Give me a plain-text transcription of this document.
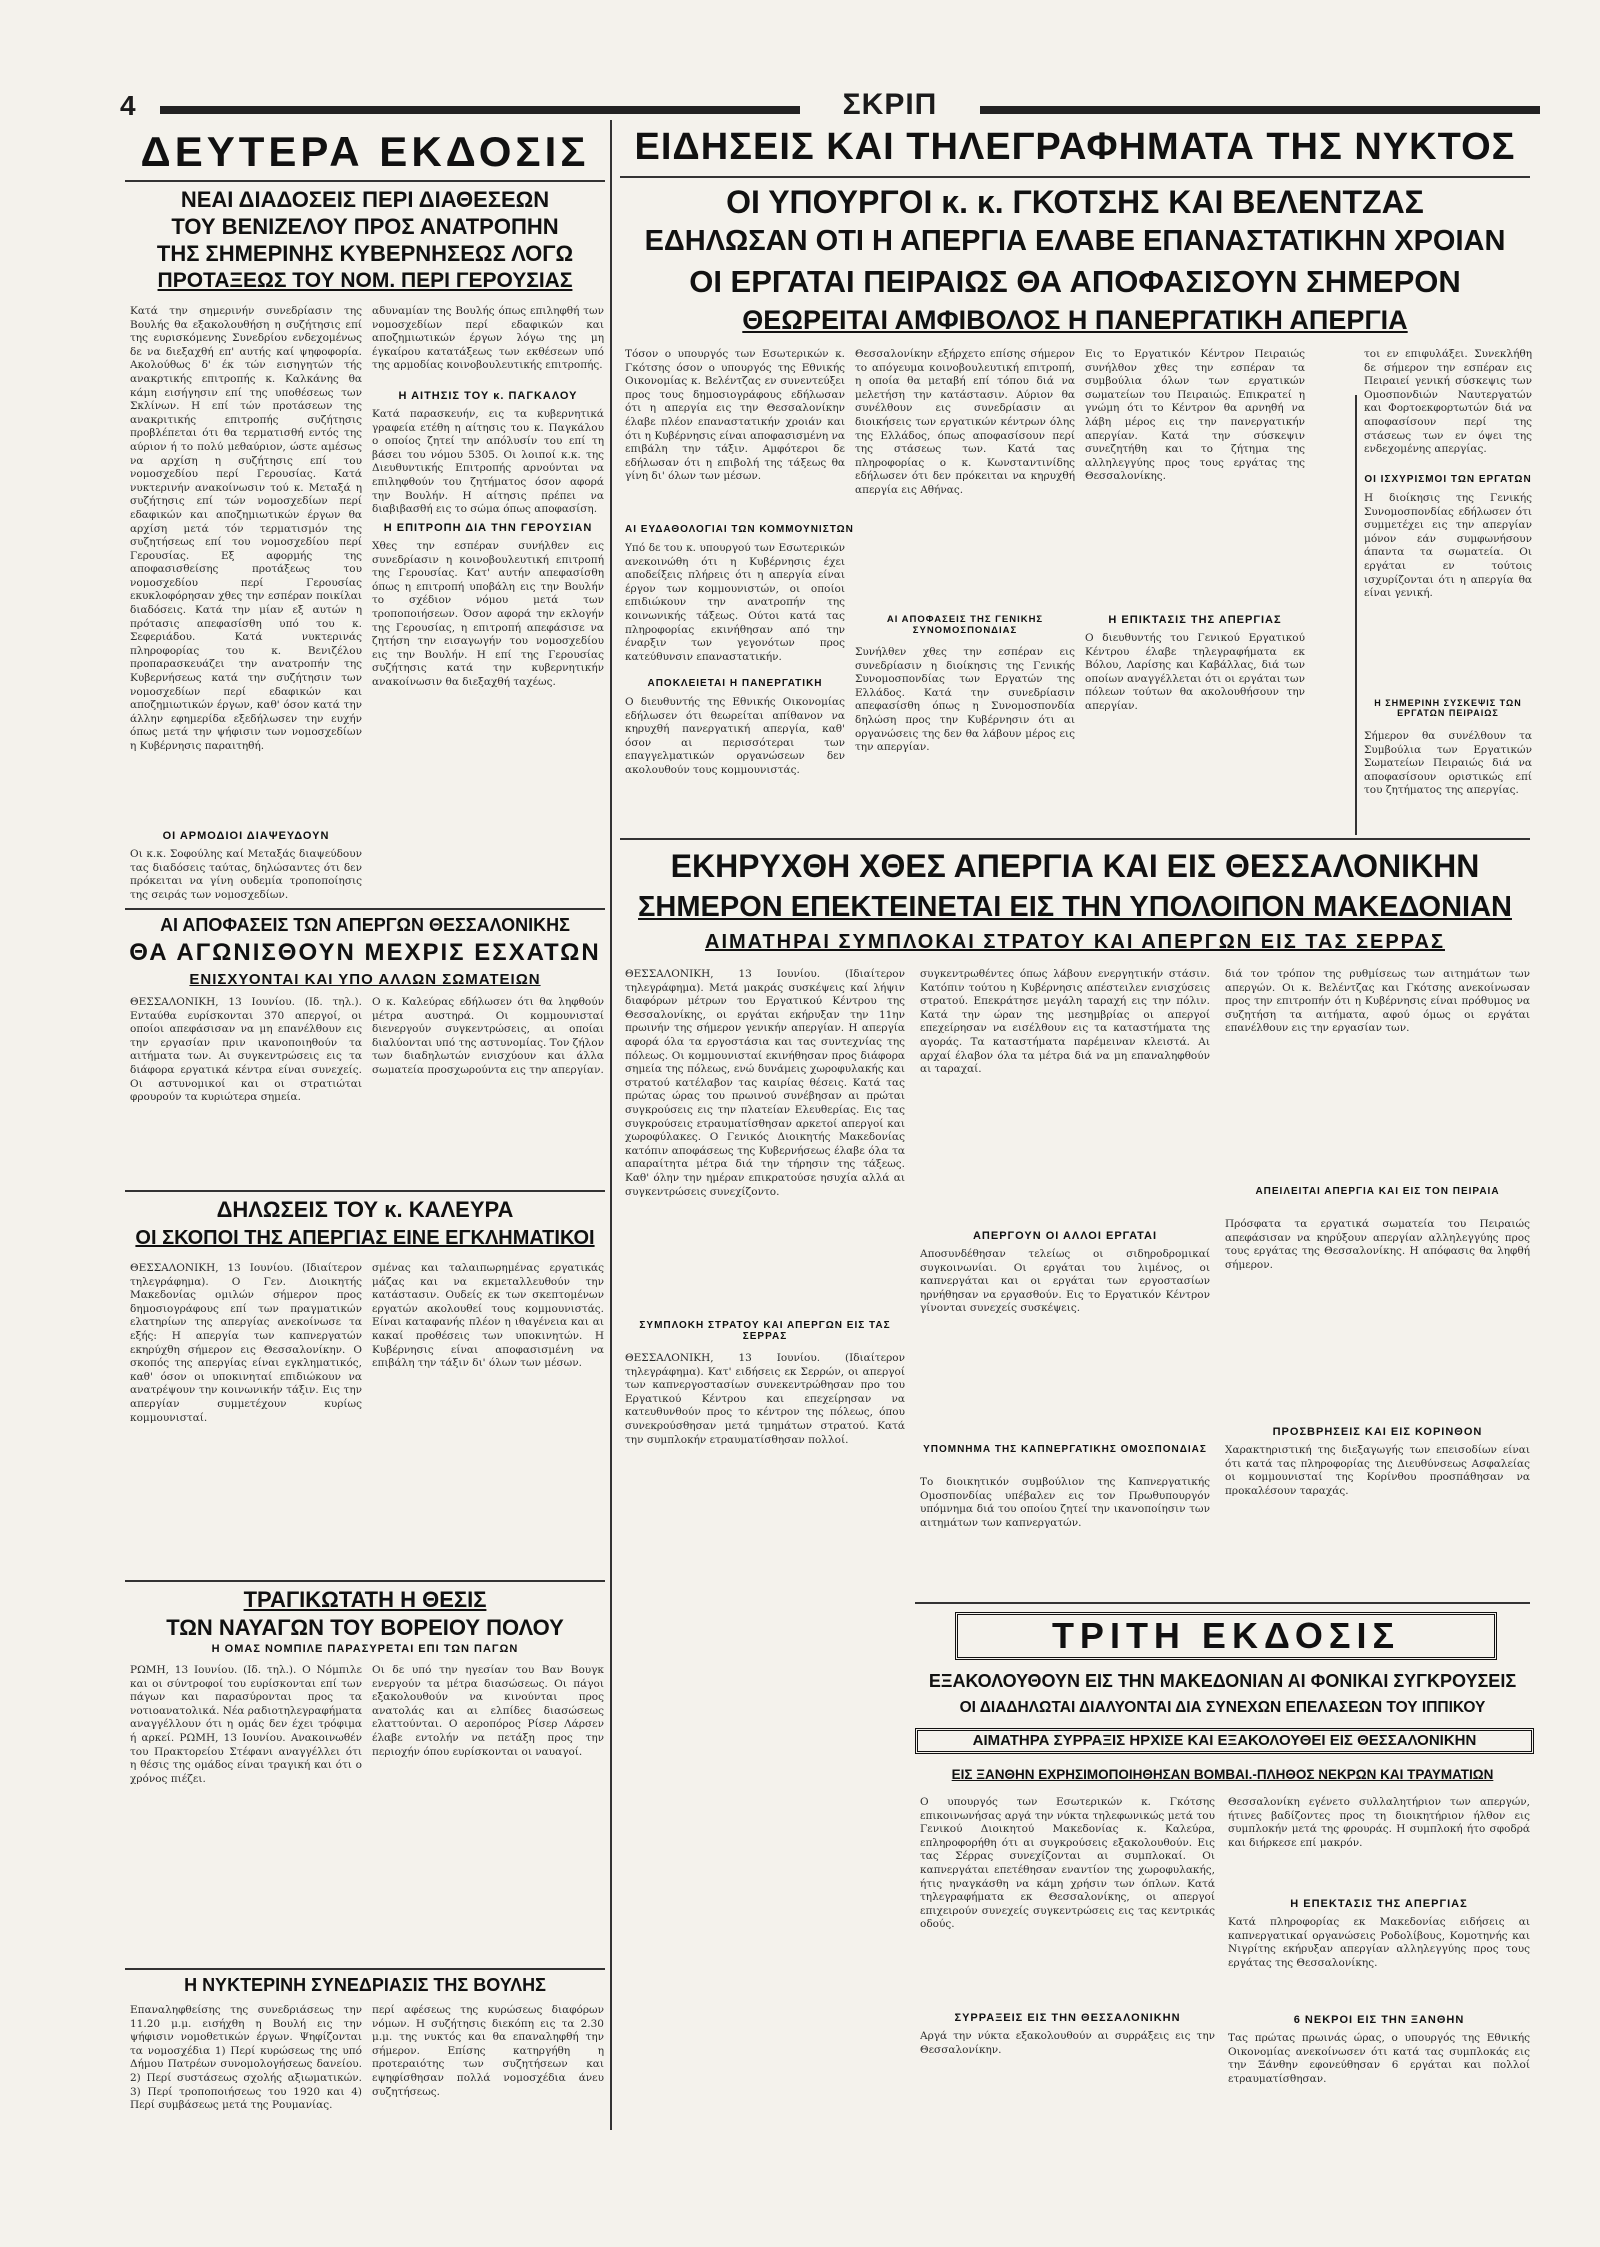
4	ΣΚΡΙΠ
ΔΕΥΤΕΡΑ ΕΚΔΟΣΙΣ
ΝΕΑΙ ΔΙΑΔΟΣΕΙΣ ΠΕΡΙ ΔΙΑΘΕΣΕΩΝ
ΤΟΥ ΒΕΝΙΖΕΛΟΥ ΠΡΟΣ ΑΝΑΤΡΟΠΗΝ
ΤΗΣ ΣΗΜΕΡΙΝΗΣ ΚΥΒΕΡΝΗΣΕΩΣ ΛΟΓΩ
ΠΡΟΤΑΞΕΩΣ ΤΟΥ ΝΟΜ. ΠΕΡΙ ΓΕΡΟΥΣΙΑΣ

Κατά την σημερινήν συνεδρίασιν της Βουλής θα εξακολουθήση η συζήτησις επί της ευρισκόμενης Συνεδρίου ενδεχομένως δε να διεξαχθή επ' αυτής καί ψηφοφορία. Ακολούθως δ' έκ τών εισηγητών τής ανακρτικής επιτροπής κ. Καλκάνης θα κάμη εισήγησιν επί της υποθέσεως των Σκλίνων. Η επί τών προτάσεων της ανακριτικής επιτροπής συζήτησις προβλέπεται ότι θα τερματισθή εντός της αύριον ή το πολύ μεθαύριον, ώστε αμέσως να αρχίση η συζήτησις επί του νομοσχεδίου περί Γερουσίας. Κατά νυκτερινήν ανακοίνωσιν τού κ. Μεταξά η συζήτησις επί τών νομοσχεδίων περί εδαφικών και αποζημιωτικών έργων θα αρχίση μετά τόν τερματισμόν της συζητήσεως επί του νομοσχεδίου περί Γερουσίας. Εξ αφορμής της αποφασισθείσης προτάξεως του νομοσχεδίου περί Γερουσίας εκυκλοφόρησαν χθες την εσπέραν ποικίλαι διαδόσεις. Κατά την μίαν εξ αυτών η πρότασις απεφασίσθη υπό του κ. Σεφεριάδου. Κατά νυκτερινάς πληροφορίας του κ. Βενιζέλου προπαρασκευάζει την ανατροπήν της Κυβερνήσεως κατά την συζήτησιν των νομοσχεδίων περί εδαφικών και αποζημιωτικών έργων, καθ' όσον κατά την άλλην εφημερίδα εξεδήλωσεν την ευχήν όπως μετά την ψήφισιν των νομοσχεδίων η Κυβέρνησις παραιτηθή.

ΟΙ ΑΡΜΟΔΙΟΙ ΔΙΑΨΕΥΔΟΥΝ

Οι κ.κ. Σοφούλης καί Μεταξάς διαψεύδουν τας διαδόσεις ταύτας, δηλώσαντες ότι δεν πρόκειται να γίνη ουδεμία τροποποίησις της σειράς των νομοσχεδίων.

αδυναμίαν της Βουλής όπως επιληφθή των νομοσχεδίων περί εδαφικών και αποζημιωτικών έργων λόγω της μη έγκαίρου κατατάξεως των εκθέσεων υπό της αρμοδίας κοινοβουλευτικής επιτροπής.

Η ΑΙΤΗΣΙΣ ΤΟΥ κ. ΠΑΓΚΑΛΟΥ

Κατά παρασκευήν, εις τα κυβερνητικά γραφεία ετέθη η αίτησις του κ. Παγκάλου ο οποίος ζητεί την απόλυσίν του επί τη βάσει του νόμου 5305. Οι λοιποί κ.κ. της Διευθυντικής Επιτροπής αρνούνται να επιληφθούν του ζητήματος όσον αφορά την Βουλήν. Η αίτησις πρέπει να διαβιβασθή εις το σώμα όπως αποφασίση.

Η ΕΠΙΤΡΟΠΗ ΔΙΑ ΤΗΝ ΓΕΡΟΥΣΙΑΝ

Χθες την εσπέραν συνήλθεν εις συνεδρίασιν η κοινοβουλευτική επιτροπή της Γερουσίας. Κατ' αυτήν απεφασίσθη όπως η επιτροπή υποβάλη εις την Βουλήν το σχέδιον νόμου μετά των τροποποιήσεων. Όσον αφορά την εκλογήν της Γερουσίας, η επιτροπή απεφάσισε να ζητήση την εισαγωγήν του νομοσχεδίου εις την Βουλήν. Η επί της Γερουσίας συζήτησις κατά την κυβερνητικήν ανακοίνωσιν θα διεξαχθή ταχέως.

ΑΙ ΑΠΟΦΑΣΕΙΣ ΤΩΝ ΑΠΕΡΓΩΝ ΘΕΣΣΑΛΟΝΙΚΗΣ
ΘΑ ΑΓΩΝΙΣΘΟΥΝ ΜΕΧΡΙΣ ΕΣΧΑΤΩΝ
ΕΝΙΣΧΥΟΝΤΑΙ ΚΑΙ ΥΠΟ ΑΛΛΩΝ ΣΩΜΑΤΕΙΩΝ

ΘΕΣΣΑΛΟΝΙΚΗ, 13 Ιουνίου. (Ιδ. τηλ.). Ενταύθα ευρίσκονται 370 απεργοί, οι οποίοι απεφάσισαν να μη επανέλθουν εις την εργασίαν πριν ικανοποιηθούν τα αιτήματα των. Αι συγκεντρώσεις εις τα διάφορα εργατικά κέντρα είναι συνεχείς. Οι αστυνομικοί και οι στρατιώται φρουρούν τα κυριώτερα σημεία.

Ο κ. Καλεύρας εδήλωσεν ότι θα ληφθούν μέτρα αυστηρά. Οι κομμουνισταί διενεργούν συγκεντρώσεις, αι οποίαι διαλύονται υπό της αστυνομίας. Τον ζήλον των διαδηλωτών ενισχύουν και άλλα σωματεία προσχωρούντα εις την απεργίαν.

ΔΗΛΩΣΕΙΣ ΤΟΥ κ. ΚΑΛΕΥΡΑ
ΟΙ ΣΚΟΠΟΙ ΤΗΣ ΑΠΕΡΓΙΑΣ ΕΙΝΕ ΕΓΚΛΗΜΑΤΙΚΟΙ

ΘΕΣΣΑΛΟΝΙΚΗ, 13 Ιουνίου. (Ιδιαίτερον τηλεγράφημα). Ο Γεν. Διοικητής Μακεδονίας ομιλών σήμερον προς δημοσιογράφους επί των πραγματικών ελατηρίων της απεργίας ανεκοίνωσε τα εξής: Η απεργία των καπνεργατών εκηρύχθη σήμερον εις Θεσσαλονίκην. Ο σκοπός της απεργίας είναι εγκληματικός, καθ' όσον οι υποκινηταί επιδιώκουν να ανατρέψουν την κοινωνικήν τάξιν. Εις την απεργίαν συμμετέχουν κυρίως κομμουνισταί.

σμένας και ταλαιπωρημένας εργατικάς μάζας και να εκμεταλλευθούν την κατάστασιν. Ουδείς εκ των σκεπτομένων εργατών ακολουθεί τους κομμουνιστάς. Είναι καταφανής πλέον η ιθαγένεια και αι κακαί προθέσεις των υποκινητών. Η Κυβέρνησις είναι αποφασισμένη να επιβάλη την τάξιν δι' όλων των μέσων.

ΤΡΑΓΙΚΩΤΑΤΗ Η ΘΕΣΙΣ
ΤΩΝ ΝΑΥΑΓΩΝ ΤΟΥ ΒΟΡΕΙΟΥ ΠΟΛΟΥ
Η ΟΜΑΣ ΝΟΜΠΙΛΕ ΠΑΡΑΣΥΡΕΤΑΙ ΕΠΙ ΤΩΝ ΠΑΓΩΝ

ΡΩΜΗ, 13 Ιουνίου. (Ιδ. τηλ.). Ο Νόμπιλε και οι σύντροφοί του ευρίσκονται επί των πάγων και παρασύρονται προς τα νοτιοανατολικά. Νέα ραδιοτηλεγραφήματα αναγγέλλουν ότι η ομάς δεν έχει τρόφιμα ή αρκεί. ΡΩΜΗ, 13 Ιουνίου. Ανακοινωθέν του Πρακτορείου Στέφανι αναγγέλλει ότι η θέσις της ομάδος είναι τραγική και ότι ο χρόνος πιέζει.

Οι δε υπό την ηγεσίαν του Βαν Βουγκ ενεργούν τα μέτρα διασώσεως. Οι πάγοι εξακολουθούν να κινούνται προς ανατολάς και αι ελπίδες διασώσεως ελαττούνται. Ο αεροπόρος Ρίσερ Λάρσεν έλαβε εντολήν να πετάξη προς την περιοχήν όπου ευρίσκονται οι ναυαγοί.

Η ΝΥΚΤΕΡΙΝΗ ΣΥΝΕΔΡΙΑΣΙΣ ΤΗΣ ΒΟΥΛΗΣ

Επαναληφθείσης της συνεδριάσεως την 11.20 μ.μ. εισήχθη η Βουλή εις την ψήφισιν νομοθετικών έργων. Ψηφίζονται τα νομοσχέδια 1) Περί κυρώσεως της υπό Δήμου Πατρέων συνομολογήσεως δανείου. 2) Περί συστάσεως σχολής αξιωματικών. 3) Περί τροποποιήσεως του 1920 και 4) Περί συμβάσεως μετά της Ρουμανίας.

περί αφέσεως της κυρώσεως διαφόρων νόμων. Η συζήτησις διεκόπη εις τα 2.30 μ.μ. της νυκτός και θα επαναληφθή την σήμερον. Επίσης κατηργήθη η προτεραιότης των συζητήσεων και εψηφίσθησαν πολλά νομοσχέδια άνευ συζητήσεως.

ΕΙΔΗΣΕΙΣ ΚΑΙ ΤΗΛΕΓΡΑΦΗΜΑΤΑ ΤΗΣ ΝΥΚΤΟΣ
ΟΙ ΥΠΟΥΡΓΟΙ κ. κ. ΓΚΟΤΣΗΣ ΚΑΙ ΒΕΛΕΝΤΖΑΣ
ΕΔΗΛΩΣΑΝ ΟΤΙ Η ΑΠΕΡΓΙΑ ΕΛΑΒΕ ΕΠΑΝΑΣΤΑΤΙΚΗΝ ΧΡΟΙΑΝ
ΟΙ ΕΡΓΑΤΑΙ ΠΕΙΡΑΙΩΣ ΘΑ ΑΠΟΦΑΣΙΣΟΥΝ ΣΗΜΕΡΟΝ
ΘΕΩΡΕΙΤΑΙ ΑΜΦΙΒΟΛΟΣ Η ΠΑΝΕΡΓΑΤΙΚΗ ΑΠΕΡΓΙΑ

Τόσον ο υπουργός των Εσωτερικών κ. Γκότσης όσον ο υπουργός της Εθνικής Οικονομίας κ. Βελέντζας εν συνεντεύξει προς τους δημοσιογράφους εδήλωσαν ότι η απεργία εις την Θεσσαλονίκην έλαβε πλέον επαναστατικήν χροιάν και ότι η Κυβέρνησις είναι αποφασισμένη να επιβάλη την τάξιν. Αμφότεροι δε εδήλωσαν ότι η επιβολή της τάξεως θα γίνη δι' όλων των μέσων.

ΑΙ ΕΥΔΑΘΟΛΟΓΙΑΙ ΤΩΝ ΚΟΜΜΟΥΝΙΣΤΩΝ

Υπό δε του κ. υπουργού των Εσωτερικών ανεκοινώθη ότι η Κυβέρνησις έχει αποδείξεις πλήρεις ότι η απεργία είναι έργον των κομμουνιστών, οι οποίοι επιδιώκουν την ανατροπήν της κοινωνικής τάξεως. Ούτοι κατά τας πληροφορίας εκινήθησαν από την έναρξιν των γεγονότων προς κατεύθυνσιν επαναστατικήν.

ΑΠΟΚΛΕΙΕΤΑΙ Η ΠΑΝΕΡΓΑΤΙΚΗ

Ο διευθυντής της Εθνικής Οικονομίας εδήλωσεν ότι θεωρείται απίθανον να κηρυχθή πανεργατική απεργία, καθ' όσον αι περισσότεραι των επαγγελματικών οργανώσεων δεν ακολουθούν τους κομμουνιστάς.

Θεσσαλονίκην εξήρχετο επίσης σήμερον το απόγευμα κοινοβουλευτική επιτροπή, η οποία θα μεταβή επί τόπου διά να μελετήση την κατάστασιν. Αύριον θα συνέλθουν εις συνεδρίασιν αι διοικήσεις των εργατικών κέντρων όλης της Ελλάδος, όπως αποφασίσουν περί της στάσεως των. Κατά τας πληροφορίας ο κ. Κωνσταντινίδης εδήλωσεν ότι δεν πρόκειται να κηρυχθή απεργία εις Αθήνας.

ΑΙ ΑΠΟΦΑΣΕΙΣ ΤΗΣ ΓΕΝΙΚΗΣ ΣΥΝΟΜΟΣΠΟΝΔΙΑΣ

Συνήλθεν χθες την εσπέραν εις συνεδρίασιν η διοίκησις της Γενικής Συνομοσπονδίας των Εργατών της Ελλάδος. Κατά την συνεδρίασιν απεφασίσθη όπως η Συνομοσπονδία δηλώση προς την Κυβέρνησιν ότι αι οργανώσεις της δεν θα λάβουν μέρος εις την απεργίαν.

Εις το Εργατικόν Κέντρον Πειραιώς συνήλθον χθες την εσπέραν τα συμβούλια όλων των εργατικών σωματείων του Πειραιώς. Επικρατεί η γνώμη ότι το Κέντρον θα αρνηθή να λάβη μέρος εις την πανεργατικήν απεργίαν. Κατά την σύσκεψιν συνεζητήθη και το ζήτημα της αλληλεγγύης προς τους εργάτας της Θεσσαλονίκης.

Η ΕΠΙΚΤΑΣΙΣ ΤΗΣ ΑΠΕΡΓΙΑΣ

Ο διευθυντής του Γενικού Εργατικού Κέντρου έλαβε τηλεγραφήματα εκ Βόλου, Λαρίσης και Καβάλλας, διά των οποίων αναγγέλλεται ότι οι εργάται των πόλεων τούτων θα ακολουθήσουν την απεργίαν.

τοι εν επιφυλάξει. Συνεκλήθη δε σήμερον την εσπέραν εις Πειραιεί γενική σύσκεψις των Ομοσπονδιών Ναυτεργατών και Φορτοεκφορτωτών διά να αποφασίσουν περί της στάσεως των εν όψει της ενδεχομένης απεργίας.

ΟΙ ΙΣΧΥΡΙΣΜΟΙ ΤΩΝ ΕΡΓΑΤΩΝ

Η διοίκησις της Γενικής Συνομοσπονδίας εδήλωσεν ότι συμμετέχει εις την απεργίαν μόνον εάν συμφωνήσουν άπαντα τα σωματεία. Οι εργάται εν τούτοις ισχυρίζονται ότι η απεργία θα είναι γενική.

Η ΣΗΜΕΡΙΝΗ ΣΥΣΚΕΨΙΣ ΤΩΝ ΕΡΓΑΤΩΝ ΠΕΙΡΑΙΩΣ

Σήμερον θα συνέλθουν τα Συμβούλια των Εργατικών Σωματείων Πειραιώς διά να αποφασίσουν οριστικώς επί του ζητήματος της απεργίας.

ΕΚΗΡΥΧΘΗ ΧΘΕΣ ΑΠΕΡΓΙΑ ΚΑΙ ΕΙΣ ΘΕΣΣΑΛΟΝΙΚΗΝ
ΣΗΜΕΡΟΝ ΕΠΕΚΤΕΙΝΕΤΑΙ ΕΙΣ ΤΗΝ ΥΠΟΛΟΙΠΟΝ ΜΑΚΕΔΟΝΙΑΝ
ΑΙΜΑΤΗΡΑΙ ΣΥΜΠΛΟΚΑΙ ΣΤΡΑΤΟΥ ΚΑΙ ΑΠΕΡΓΩΝ ΕΙΣ ΤΑΣ ΣΕΡΡΑΣ

ΘΕΣΣΑΛΟΝΙΚΗ, 13 Ιουνίου. (Ιδιαίτερον τηλεγράφημα). Μετά μακράς συσκέψεις καί λήψιν διαφόρων μέτρων του Εργατικού Κέντρου της Θεσσαλονίκης, οι εργάται εκήρυξαν την 11ην πρωινήν της σήμερον γενικήν απεργίαν. Η απεργία αφορά όλα τα εργοστάσια και τας συντεχνίας της πόλεως. Οι κομμουνισταί εκινήθησαν προς διάφορα σημεία της πόλεως, ενώ δυνάμεις χωροφυλακής και στρατού κατέλαβον τας καιρίας θέσεις. Κατά τας πρώτας ώρας του πρωινού συνέβησαν αι πρώται συγκρούσεις εις την πλατείαν Ελευθερίας. Εις τας συγκρούσεις ετραυματίσθησαν αρκετοί απεργοί και χωροφύλακες. Ο Γενικός Διοικητής Μακεδονίας κατόπιν αποφάσεως της Κυβερνήσεως έλαβε όλα τα απαραίτητα μέτρα διά την τήρησιν της τάξεως. Καθ' όλην την ημέραν επικρατούσε ησυχία αλλά αι συγκεντρώσεις συνεχίζοντο.

ΣΥΜΠΛΟΚΗ ΣΤΡΑΤΟΥ ΚΑΙ ΑΠΕΡΓΩΝ ΕΙΣ ΤΑΣ ΣΕΡΡΑΣ

ΘΕΣΣΑΛΟΝΙΚΗ, 13 Ιουνίου. (Ιδιαίτερον τηλεγράφημα). Κατ' ειδήσεις εκ Σερρών, οι απεργοί των καπνεργοστασίων συνεκεντρώθησαν προ του Εργατικού Κέντρου και επεχείρησαν να κατευθυνθούν προς το κέντρον της πόλεως, όπου συνεκρούσθησαν μετά τμημάτων στρατού. Κατά την συμπλοκήν ετραυματίσθησαν πολλοί.

συγκεντρωθέντες όπως λάβουν ενεργητικήν στάσιν. Κατόπιν τούτου η Κυβέρνησις απέστειλεν ενισχύσεις στρατού. Επεκράτησε μεγάλη ταραχή εις την πόλιν. Κατά την ώραν της μεσημβρίας οι απεργοί επεχείρησαν να εισέλθουν εις τα καταστήματα της αγοράς. Τα καταστήματα παρέμειναν κλειστά. Αι αρχαί έλαβον όλα τα μέτρα διά να μη επαναληφθούν αι ταραχαί.

ΑΠΕΡΓΟΥΝ ΟΙ ΑΛΛΟΙ ΕΡΓΑΤΑΙ

Αποσυνδέθησαν τελείως οι σιδηροδρομικαί συγκοινωνίαι. Οι εργάται του λιμένος, οι καπνεργάται και οι εργάται των εργοστασίων ηρνήθησαν να εργασθούν. Εις το Εργατικόν Κέντρον γίνονται συνεχείς συσκέψεις.

ΥΠΟΜΝΗΜΑ ΤΗΣ ΚΑΠΝΕΡΓΑΤΙΚΗΣ ΟΜΟΣΠΟΝΔΙΑΣ

Το διοικητικόν συμβούλιον της Καπνεργατικής Ομοσπονδίας υπέβαλεν εις τον Πρωθυπουργόν υπόμνημα διά του οποίου ζητεί την ικανοποίησιν των αιτημάτων των καπνεργατών.

διά τον τρόπον της ρυθμίσεως των αιτημάτων των απεργών. Οι κ. Βελέντζας και Γκότσης ανεκοίνωσαν προς την επιτροπήν ότι η Κυβέρνησις είναι πρόθυμος να συζητήση τα αιτήματα, αφού όμως οι εργάται επανέλθουν εις την εργασίαν των.

ΑΠΕΙΛΕΙΤΑΙ ΑΠΕΡΓΙΑ ΚΑΙ ΕΙΣ ΤΟΝ ΠΕΙΡΑΙΑ

Πρόσφατα τα εργατικά σωματεία του Πειραιώς απεφάσισαν να κηρύξουν απεργίαν αλληλεγγύης προς τους εργάτας της Θεσσαλονίκης. Η απόφασις θα ληφθή σήμερον.

ΠΡΟΣΒΡΗΣΕΙΣ ΚΑΙ ΕΙΣ ΚΟΡΙΝΘΟΝ

Χαρακτηριστική της διεξαγωγής των επεισοδίων είναι ότι κατά τας πληροφορίας της Διευθύνσεως Ασφαλείας οι κομμουνισταί της Κορίνθου προσπάθησαν να προκαλέσουν ταραχάς.

ΤΡΙΤΗ ΕΚΔΟΣΙΣ
ΕΞΑΚΟΛΟΥΘΟΥΝ ΕΙΣ ΤΗΝ ΜΑΚΕΔΟΝΙΑΝ ΑΙ ΦΟΝΙΚΑΙ ΣΥΓΚΡΟΥΣΕΙΣ
ΟΙ ΔΙΑΔΗΛΩΤΑΙ ΔΙΑΛΥΟΝΤΑΙ ΔΙΑ ΣΥΝΕΧΩΝ ΕΠΕΛΑΣΕΩΝ ΤΟΥ ΙΠΠΙΚΟΥ
ΑΙΜΑΤΗΡΑ ΣΥΡΡΑΞΙΣ ΗΡΧΙΣΕ ΚΑΙ ΕΞΑΚΟΛΟΥΘΕΙ ΕΙΣ ΘΕΣΣΑΛΟΝΙΚΗΝ
ΕΙΣ ΞΑΝΘΗΝ ΕΧΡΗΣΙΜΟΠΟΙΗΘΗΣΑΝ ΒΟΜΒΑΙ.-ΠΛΗΘΟΣ ΝΕΚΡΩΝ ΚΑΙ ΤΡΑΥΜΑΤΙΩΝ

Ο υπουργός των Εσωτερικών κ. Γκότσης επικοινωνήσας αργά την νύκτα τηλεφωνικώς μετά του Γενικού Διοικητού Μακεδονίας κ. Καλεύρα, επληροφορήθη ότι αι συγκρούσεις εξακολουθούν. Εις τας Σέρρας συνεχίζονται αι συμπλοκαί. Οι καπνεργάται επετέθησαν εναντίον της χωροφυλακής, ήτις ηναγκάσθη να κάμη χρήσιν των όπλων. Κατά τηλεγραφήματα εκ Θεσσαλονίκης, οι απεργοί επιχειρούν συνεχείς συγκεντρώσεις εις τας κεντρικάς οδούς.

ΣΥΡΡΑΞΕΙΣ ΕΙΣ ΤΗΝ ΘΕΣΣΑΛΟΝΙΚΗΝ

Αργά την νύκτα εξακολουθούν αι συρράξεις εις την Θεσσαλονίκην.

Θεσσαλονίκη εγένετο συλλαλητήριον των απεργών, ήτινες βαδίζοντες προς τη διοικητήριον ήλθον εις συμπλοκήν μετά της φρουράς. Η συμπλοκή ήτο σφοδρά και διήρκεσε επί μακρόν.

Η ΕΠΕΚΤΑΣΙΣ ΤΗΣ ΑΠΕΡΓΙΑΣ

Κατά πληροφορίας εκ Μακεδονίας ειδήσεις αι καπνεργατικαί οργανώσεις Ροδολίβους, Κομοτηνής και Νιγρίτης εκήρυξαν απεργίαν αλληλεγγύης προς τους εργάτας της Θεσσαλονίκης.

6 ΝΕΚΡΟΙ ΕΙΣ ΤΗΝ ΞΑΝΘΗΝ

Τας πρώτας πρωινάς ώρας, ο υπουργός της Εθνικής Οικονομίας ανεκοίνωσεν ότι κατά τας συμπλοκάς εις την Ξάνθην εφονεύθησαν 6 εργάται και πολλοί ετραυματίσθησαν.
